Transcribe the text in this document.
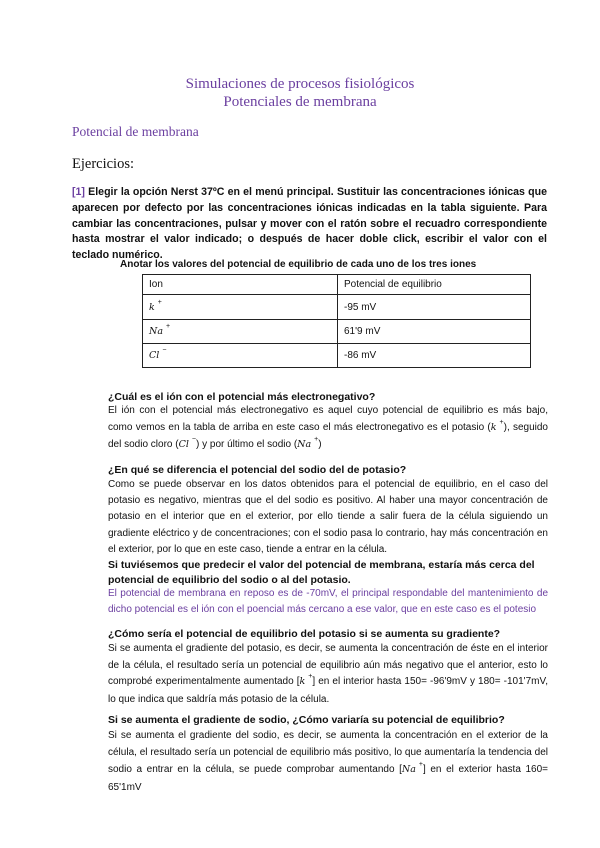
Simulaciones de procesos fisiológicos
Potenciales de membrana
Potencial de membrana
Ejercicios:
[1] Elegir la opción Nerst 37ºC en el menú principal. Sustituir las concentraciones iónicas que aparecen por defecto por las concentraciones iónicas indicadas en la tabla siguiente. Para cambiar las concentraciones, pulsar y mover con el ratón sobre el recuadro correspondiente hasta mostrar el valor indicado; o después de hacer doble click, escribir el valor con el teclado numérico.
Anotar los valores del potencial de equilibrio de cada uno de los tres iones
Ion	Potencial de equilibrio
k +	-95 mV
Na +	61'9 mV
Cl −	-86 mV
¿Cuál es el ión con el potencial más electronegativo?
El ión con el potencial más electronegativo es aquel cuyo potencial de equilibrio es más bajo, como vemos en la tabla de arriba en este caso el más electronegativo es el potasio (k +), seguido del sodio cloro (Cl −) y por último el sodio (Na +)
¿En qué se diferencia el potencial del sodio del de potasio?
Como se puede observar en los datos obtenidos para el potencial de equilibrio, en el caso del potasio es negativo, mientras que el del sodio es positivo. Al haber una mayor concentración de potasio en el interior que en el exterior, por ello tiende a salir fuera de la célula siguiendo un gradiente eléctrico y de concentraciones; con el sodio pasa lo contrario, hay más concentración en el exterior, por lo que en este caso, tiende a entrar en la célula.
Si tuviésemos que predecir el valor del potencial de membrana, estaría más cerca del potencial de equilibrio del sodio o al del potasio.
El potencial de membrana en reposo es de -70mV, el principal respondable del mantenimiento de dicho potencial es el ión con el poencial más cercano a ese valor, que en este caso es el potesio
¿Cómo sería el potencial de equilibrio del potasio si se aumenta su gradiente?
Si se aumenta el gradiente del potasio, es decir, se aumenta la concentración de éste en el interior de la célula, el resultado sería un potencial de equilibrio aún más negativo que el anterior, esto lo comprobé experimentalmente aumentado [k +] en el interior hasta 150= -96'9mV y 180= -101'7mV, lo que indica que saldría más potasio de la célula.
Si se aumenta el gradiente de sodio, ¿Cómo variaría su potencial de equilibrio?
Si se aumenta el gradiente del sodio, es decir, se aumenta la concentración en el exterior de la célula, el resultado sería un potencial de equilibrio más positivo, lo que aumentaría la tendencia del sodio a entrar en la célula, se puede comprobar aumentando [Na +] en el exterior hasta 160= 65'1mV
